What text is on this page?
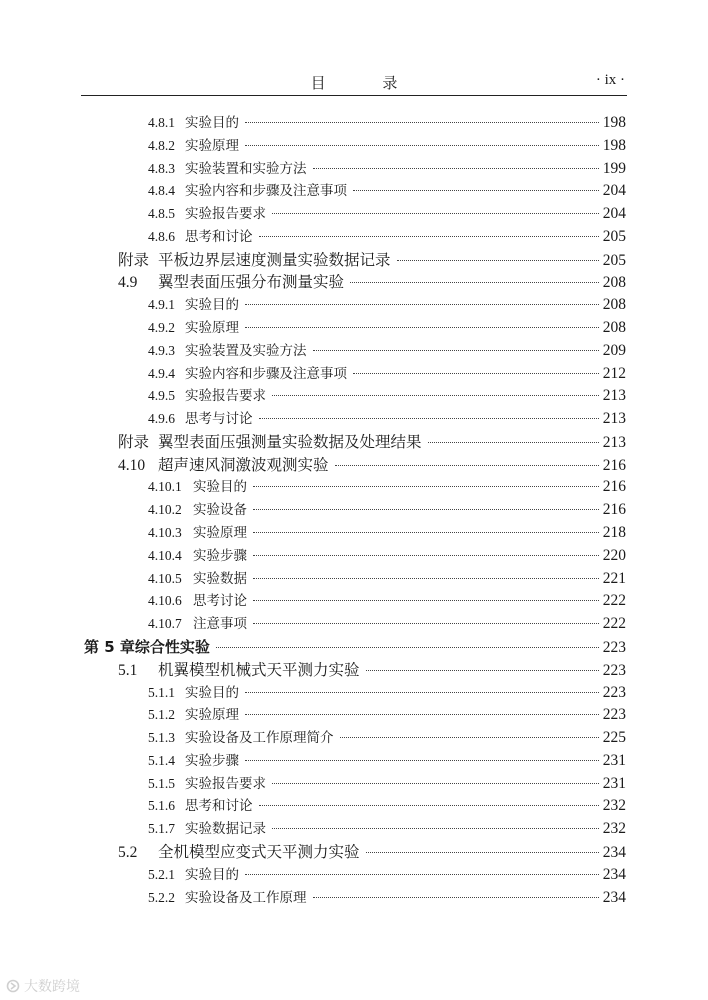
目 录	· ix ·
4.8.1 实验目的	198
4.8.2 实验原理	198
4.8.3 实验装置和实验方法	199
4.8.4 实验内容和步骤及注意事项	204
4.8.5 实验报告要求	204
4.8.6 思考和讨论	205
附录 平板边界层速度测量实验数据记录	205
4.9 翼型表面压强分布测量实验	208
4.9.1 实验目的	208
4.9.2 实验原理	208
4.9.3 实验装置及实验方法	209
4.9.4 实验内容和步骤及注意事项	212
4.9.5 实验报告要求	213
4.9.6 思考与讨论	213
附录 翼型表面压强测量实验数据及处理结果	213
4.10 超声速风洞激波观测实验	216
4.10.1 实验目的	216
4.10.2 实验设备	216
4.10.3 实验原理	218
4.10.4 实验步骤	220
4.10.5 实验数据	221
4.10.6 思考讨论	222
4.10.7 注意事项	222
第 5 章综合性实验	223
5.1 机翼模型机械式天平测力实验	223
5.1.1 实验目的	223
5.1.2 实验原理	223
5.1.3 实验设备及工作原理简介	225
5.1.4 实验步骤	231
5.1.5 实验报告要求	231
5.1.6 思考和讨论	232
5.1.7 实验数据记录	232
5.2 全机模型应变式天平测力实验	234
5.2.1 实验目的	234
5.2.2 实验设备及工作原理	234
大数跨境
